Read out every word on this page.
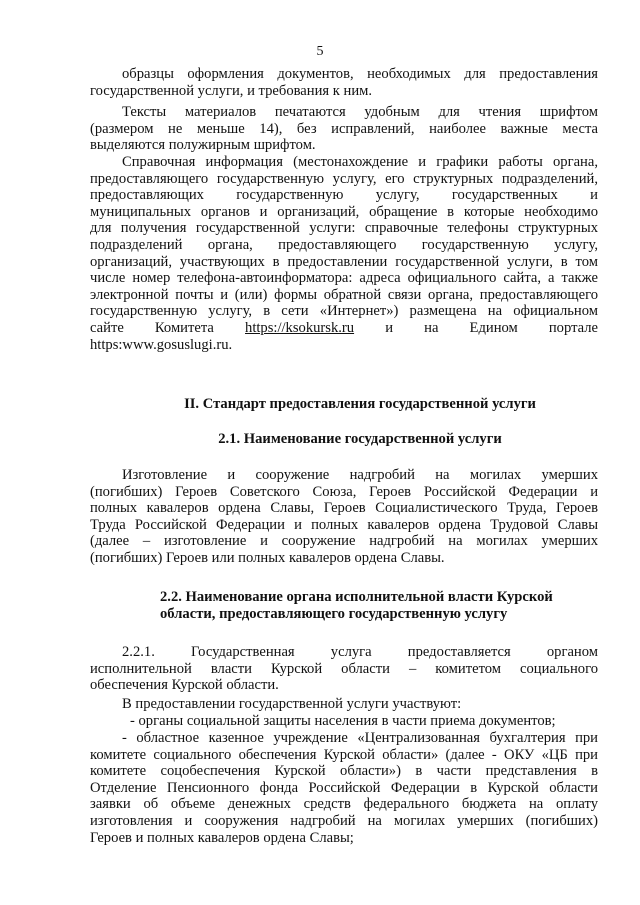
5
образцы оформления документов, необходимых для предоставления
государственной услуги, и требования к ним.
Тексты материалов печатаются удобным для чтения шрифтом
(размером не меньше 14), без исправлений, наиболее важные места
выделяются полужирным шрифтом.
Справочная информация (местонахождение и графики работы органа,
предоставляющего государственную услугу, его структурных подразделений,
предоставляющих государственную услугу, государственных и
муниципальных органов и организаций, обращение в которые необходимо
для получения государственной услуги: справочные телефоны структурных
подразделений органа, предоставляющего государственную услугу,
организаций, участвующих в предоставлении государственной услуги, в том
числе номер телефона-автоинформатора: адреса официального сайта, а также
электронной почты и (или) формы обратной связи органа, предоставляющего
государственную услугу, в сети «Интернет») размещена на официальном
сайте Комитета https://ksokursk.ru и на Едином портале
https:www.gosuslugi.ru.
II. Стандарт предоставления государственной услуги
2.1. Наименование государственной услуги
Изготовление и сооружение надгробий на могилах умерших
(погибших) Героев Советского Союза, Героев Российской Федерации и
полных кавалеров ордена Славы, Героев Социалистического Труда, Героев
Труда Российской Федерации и полных кавалеров ордена Трудовой Славы
(далее – изготовление и сооружение надгробий на могилах умерших
(погибших) Героев или полных кавалеров ордена Славы.
2.2. Наименование органа исполнительной власти Курской
области, предоставляющего государственную услугу
2.2.1. Государственная услуга предоставляется органом
исполнительной власти Курской области – комитетом социального
обеспечения Курской области.
В предоставлении государственной услуги участвуют:
- органы социальной защиты населения в части приема документов;
- областное казенное учреждение «Централизованная бухгалтерия при
комитете социального обеспечения Курской области» (далее - ОКУ «ЦБ при
комитете соцобеспечения Курской области») в части представления в
Отделение Пенсионного фонда Российской Федерации в Курской области
заявки об объеме денежных средств федерального бюджета на оплату
изготовления и сооружения надгробий на могилах умерших (погибших)
Героев и полных кавалеров ордена Славы;
